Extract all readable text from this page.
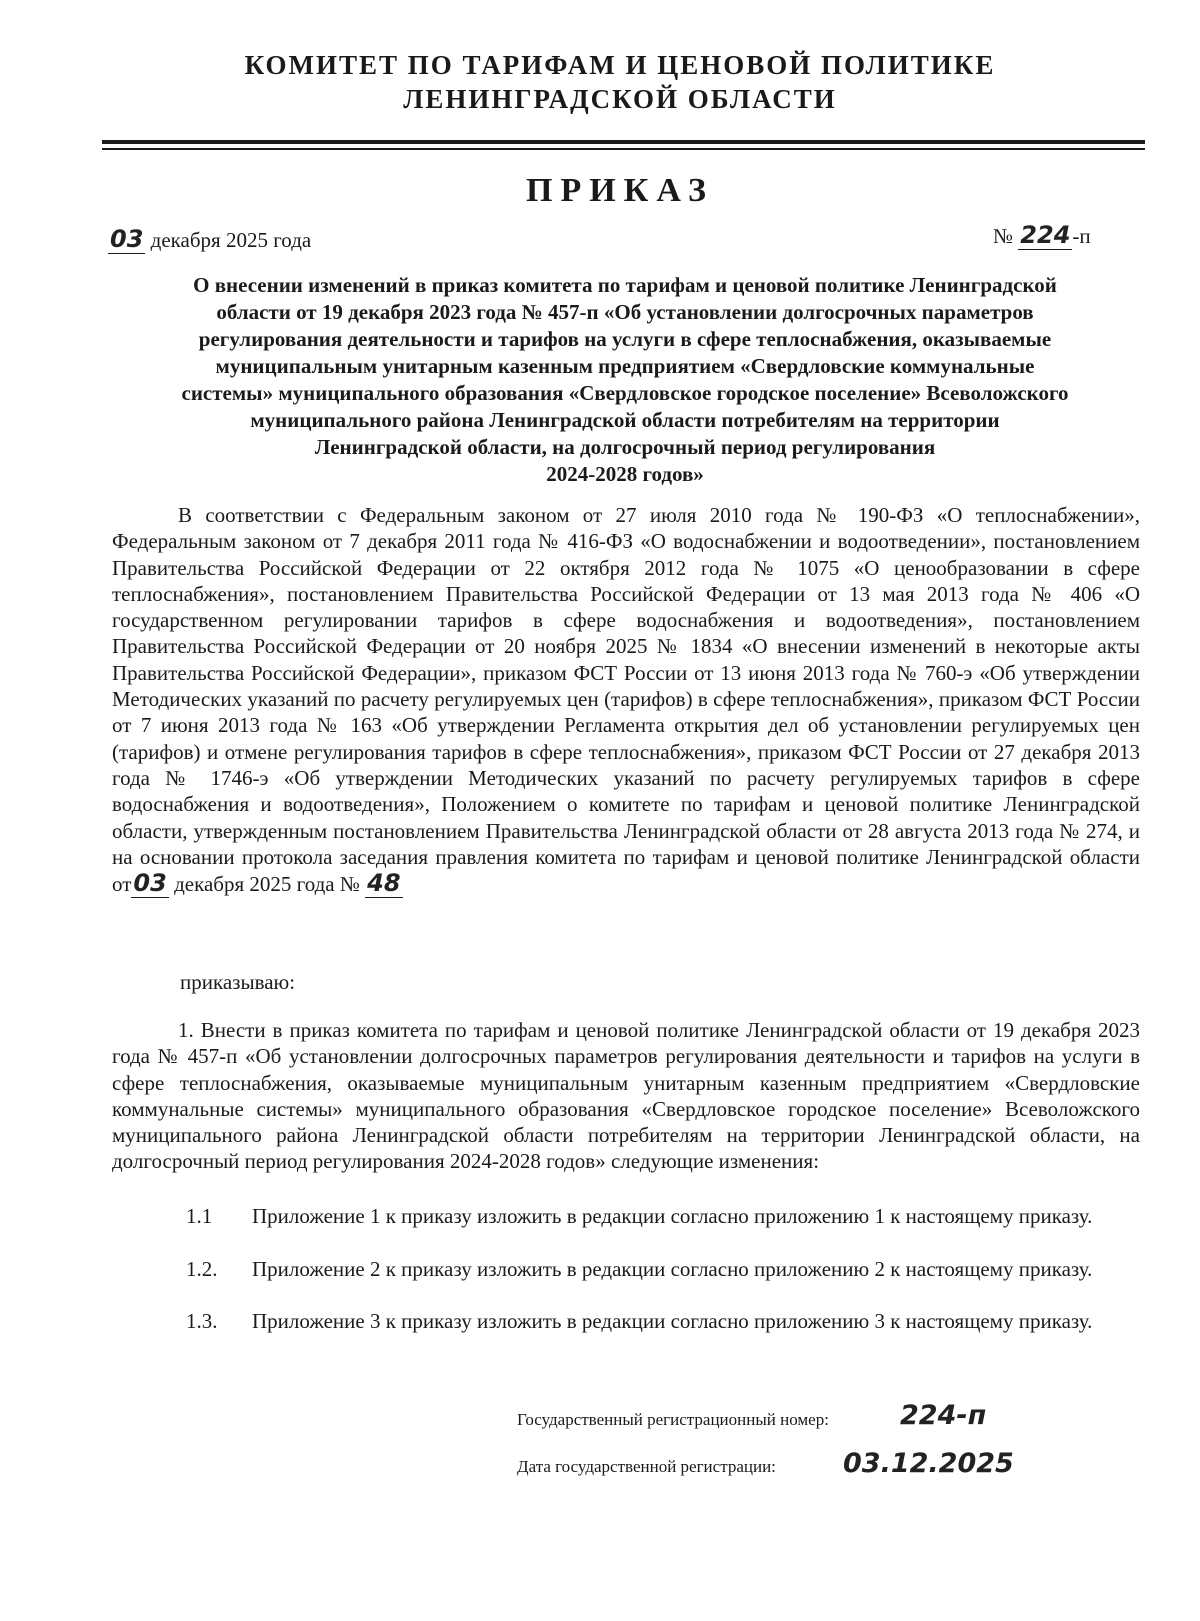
КОМИТЕТ ПО ТАРИФАМ И ЦЕНОВОЙ ПОЛИТИКЕ
ЛЕНИНГРАДСКОЙ ОБЛАСТИ
ПРИКАЗ
03 декабря 2025 года	№ 224-п
О внесении изменений в приказ комитета по тарифам и ценовой политике Ленинградской
области от 19 декабря 2023 года № 457-п «Об установлении долгосрочных параметров
регулирования деятельности и тарифов на услуги в сфере теплоснабжения, оказываемые
муниципальным унитарным казенным предприятием «Свердловские коммунальные
системы» муниципального образования «Свердловское городское поселение» Всеволожского
муниципального района Ленинградской области потребителям на территории
Ленинградской области, на долгосрочный период регулирования
2024-2028 годов»
В соответствии с Федеральным законом от 27 июля 2010 года № 190-ФЗ «О теплоснабжении», Федеральным законом от 7 декабря 2011 года № 416-ФЗ «О водоснабжении и водоотведении», постановлением Правительства Российской Федерации от 22 октября 2012 года № 1075 «О ценообразовании в сфере теплоснабжения», постановлением Правительства Российской Федерации от 13 мая 2013 года № 406 «О государственном регулировании тарифов в сфере водоснабжения и водоотведения», постановлением Правительства Российской Федерации от 20 ноября 2025 № 1834 «О внесении изменений в некоторые акты Правительства Российской Федерации», приказом ФСТ России от 13 июня 2013 года № 760-э «Об утверждении Методических указаний по расчету регулируемых цен (тарифов) в сфере теплоснабжения», приказом ФСТ России от 7 июня 2013 года № 163 «Об утверждении Регламента открытия дел об установлении регулируемых цен (тарифов) и отмене регулирования тарифов в сфере теплоснабжения», приказом ФСТ России от 27 декабря 2013 года № 1746-э «Об утверждении Методических указаний по расчету регулируемых тарифов в сфере водоснабжения и водоотведения», Положением о комитете по тарифам и ценовой политике Ленинградской области, утвержденным постановлением Правительства Ленинградской области от 28 августа 2013 года № 274, и на основании протокола заседания правления комитета по тарифам и ценовой политике Ленинградской области от03 декабря 2025 года № 48
приказываю:
1. Внести в приказ комитета по тарифам и ценовой политике Ленинградской области от 19 декабря 2023 года № 457-п «Об установлении долгосрочных параметров регулирования деятельности и тарифов на услуги в сфере теплоснабжения, оказываемые муниципальным унитарным казенным предприятием «Свердловские коммунальные системы» муниципального образования «Свердловское городское поселение» Всеволожского муниципального района Ленинградской области потребителям на территории Ленинградской области, на долгосрочный период регулирования 2024-2028 годов» следующие изменения:
1.1 Приложение 1 к приказу изложить в редакции согласно приложению 1 к настоящему приказу.
1.2. Приложение 2 к приказу изложить в редакции согласно приложению 2 к настоящему приказу.
1.3. Приложение 3 к приказу изложить в редакции согласно приложению 3 к настоящему приказу.
Государственный регистрационный номер:	224-п
Дата государственной регистрации: 03.12.2025
